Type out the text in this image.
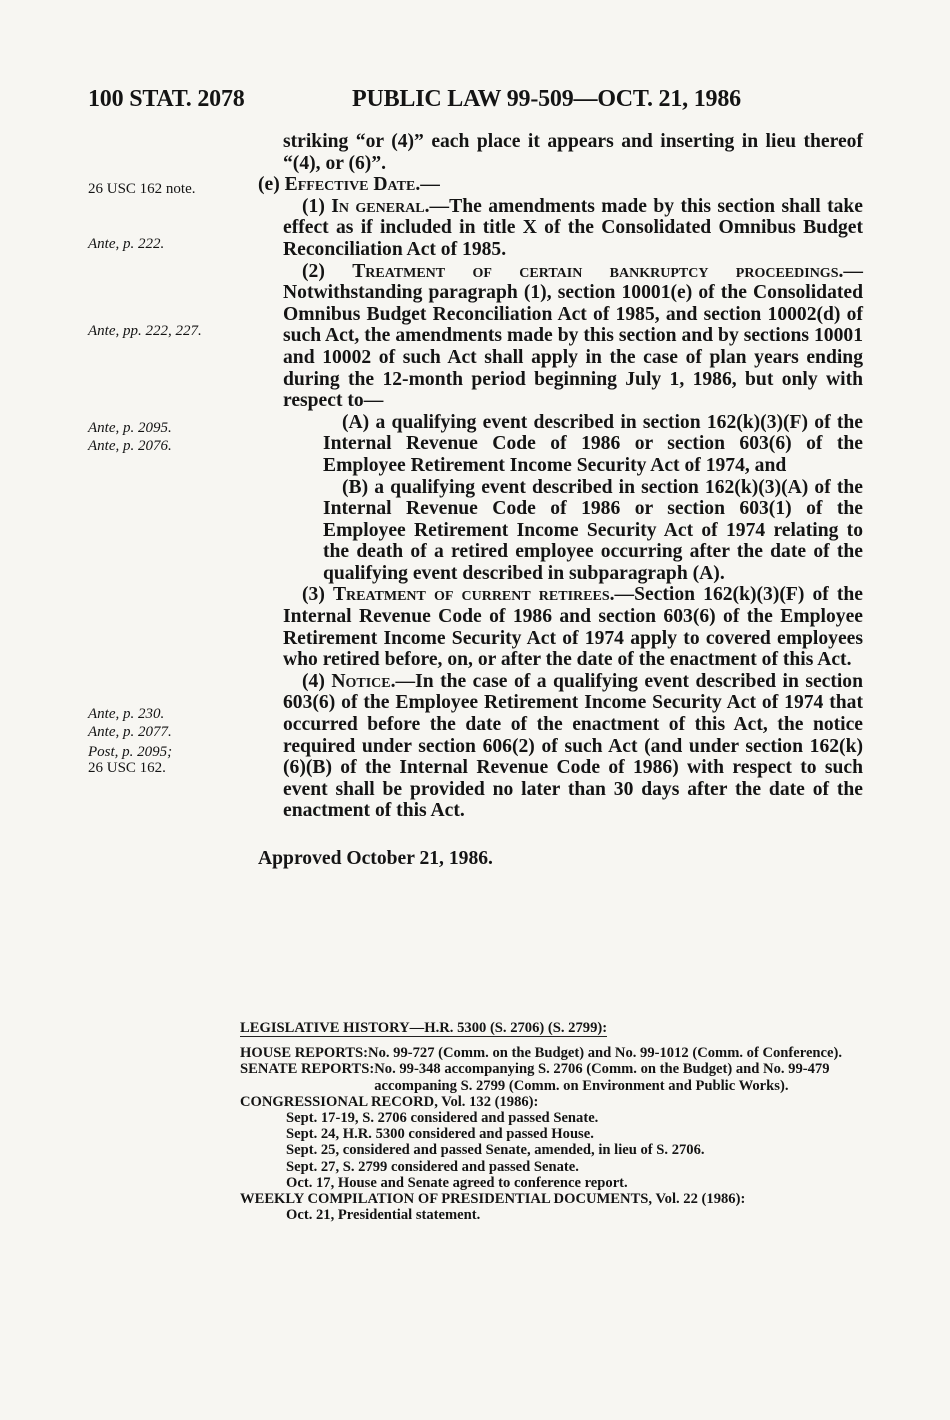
100 STAT. 2078	PUBLIC LAW 99-509—OCT. 21, 1986
26 USC 162 note.
Ante, p. 222.
Ante, pp. 222, 227.
Ante, p. 2095.
Ante, p. 2076.
Ante, p. 230.
Ante, p. 2077.
Post, p. 2095;
26 USC 162.

striking “or (4)” each place it appears and inserting in lieu thereof “(4), or (6)”.

(e) Effective Date.—

(1) In general.—The amendments made by this section shall take effect as if included in title X of the Consolidated Omnibus Budget Reconciliation Act of 1985.

(2) Treatment of certain bankruptcy proceedings.—Notwithstanding paragraph (1), section 10001(e) of the Consolidated Omnibus Budget Reconciliation Act of 1985, and section 10002(d) of such Act, the amendments made by this section and by sections 10001 and 10002 of such Act shall apply in the case of plan years ending during the 12-month period beginning July 1, 1986, but only with respect to—

(A) a qualifying event described in section 162(k)(3)(F) of the Internal Revenue Code of 1986 or section 603(6) of the Employee Retirement Income Security Act of 1974, and

(B) a qualifying event described in section 162(k)(3)(A) of the Internal Revenue Code of 1986 or section 603(1) of the Employee Retirement Income Security Act of 1974 relating to the death of a retired employee occurring after the date of the qualifying event described in subparagraph (A).

(3) Treatment of current retirees.—Section 162(k)(3)(F) of the Internal Revenue Code of 1986 and section 603(6) of the Employee Retirement Income Security Act of 1974 apply to covered employees who retired before, on, or after the date of the enactment of this Act.

(4) Notice.—In the case of a qualifying event described in section 603(6) of the Employee Retirement Income Security Act of 1974 that occurred before the date of the enactment of this Act, the notice required under section 606(2) of such Act (and under section 162(k)(6)(B) of the Internal Revenue Code of 1986) with respect to such event shall be provided no later than 30 days after the date of the enactment of this Act.

Approved October 21, 1986.

LEGISLATIVE HISTORY—H.R. 5300 (S. 2706) (S. 2799):

HOUSE REPORTS: No. 99-727 (Comm. on the Budget) and No. 99-1012 (Comm. of Conference).
SENATE REPORTS: No. 99-348 accompanying S. 2706 (Comm. on the Budget) and No. 99-479 accompaning S. 2799 (Comm. on Environment and Public Works).

CONGRESSIONAL RECORD, Vol. 132 (1986):

Sept. 17-19, S. 2706 considered and passed Senate.

Sept. 24, H.R. 5300 considered and passed House.

Sept. 25, considered and passed Senate, amended, in lieu of S. 2706.

Sept. 27, S. 2799 considered and passed Senate.

Oct. 17, House and Senate agreed to conference report.

WEEKLY COMPILATION OF PRESIDENTIAL DOCUMENTS, Vol. 22 (1986):

Oct. 21, Presidential statement.
